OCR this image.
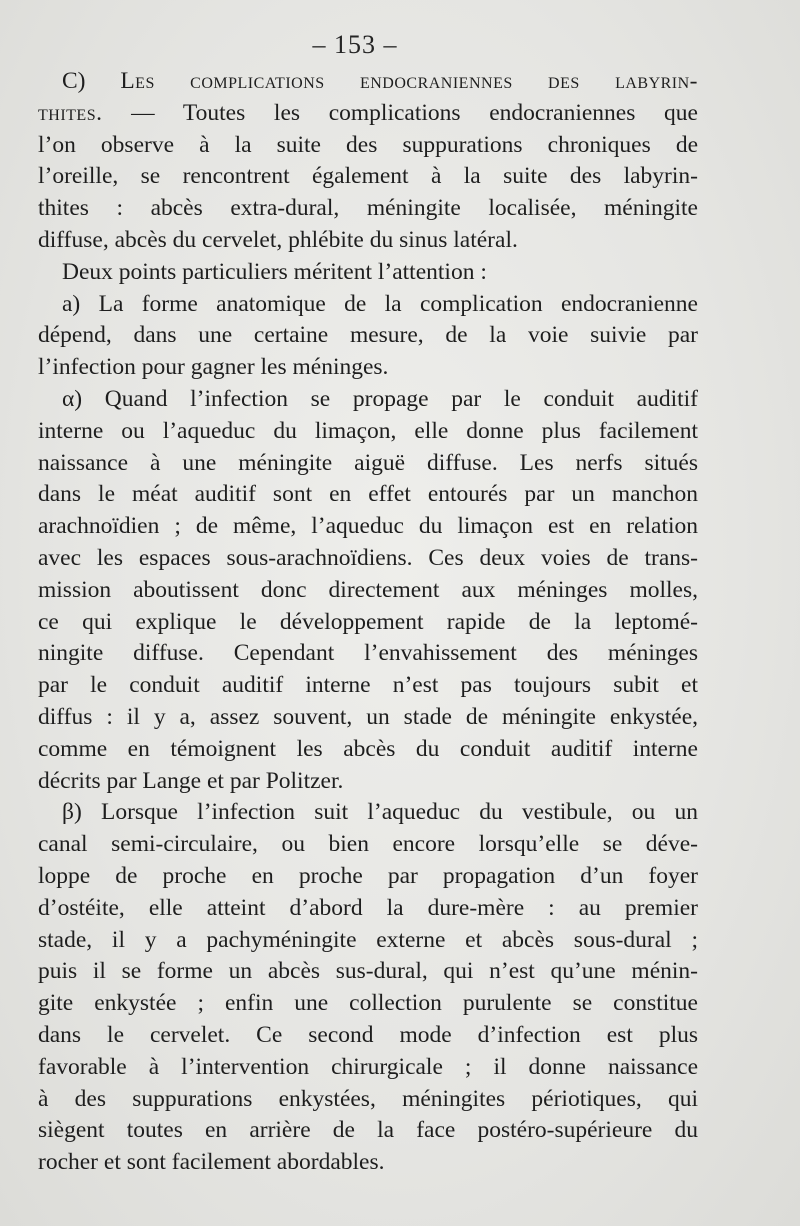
– 153 –
C) Les complications endocraniennes des labyrin-
thites. — Toutes les complications endocraniennes que
l’on observe à la suite des suppurations chroniques de
l’oreille, se rencontrent également à la suite des labyrin-
thites : abcès extra-dural, méningite localisée, méningite
diffuse, abcès du cervelet, phlébite du sinus latéral.
Deux points particuliers méritent l’attention :
a) La forme anatomique de la complication endocranienne
dépend, dans une certaine mesure, de la voie suivie par
l’infection pour gagner les méninges.
α) Quand l’infection se propage par le conduit auditif
interne ou l’aqueduc du limaçon, elle donne plus facilement
naissance à une méningite aiguë diffuse. Les nerfs situés
dans le méat auditif sont en effet entourés par un manchon
arachnoïdien ; de même, l’aqueduc du limaçon est en relation
avec les espaces sous-arachnoïdiens. Ces deux voies de trans-
mission aboutissent donc directement aux méninges molles,
ce qui explique le développement rapide de la leptomé-
ningite diffuse. Cependant l’envahissement des méninges
par le conduit auditif interne n’est pas toujours subit et
diffus : il y a, assez souvent, un stade de méningite enkystée,
comme en témoignent les abcès du conduit auditif interne
décrits par Lange et par Politzer.
β) Lorsque l’infection suit l’aqueduc du vestibule, ou un
canal semi-circulaire, ou bien encore lorsqu’elle se déve-
loppe de proche en proche par propagation d’un foyer
d’ostéite, elle atteint d’abord la dure-mère : au premier
stade, il y a pachyméningite externe et abcès sous-dural ;
puis il se forme un abcès sus-dural, qui n’est qu’une ménin-
gite enkystée ; enfin une collection purulente se constitue
dans le cervelet. Ce second mode d’infection est plus
favorable à l’intervention chirurgicale ; il donne naissance
à des suppurations enkystées, méningites périotiques, qui
siègent toutes en arrière de la face postéro-supérieure du
rocher et sont facilement abordables.
